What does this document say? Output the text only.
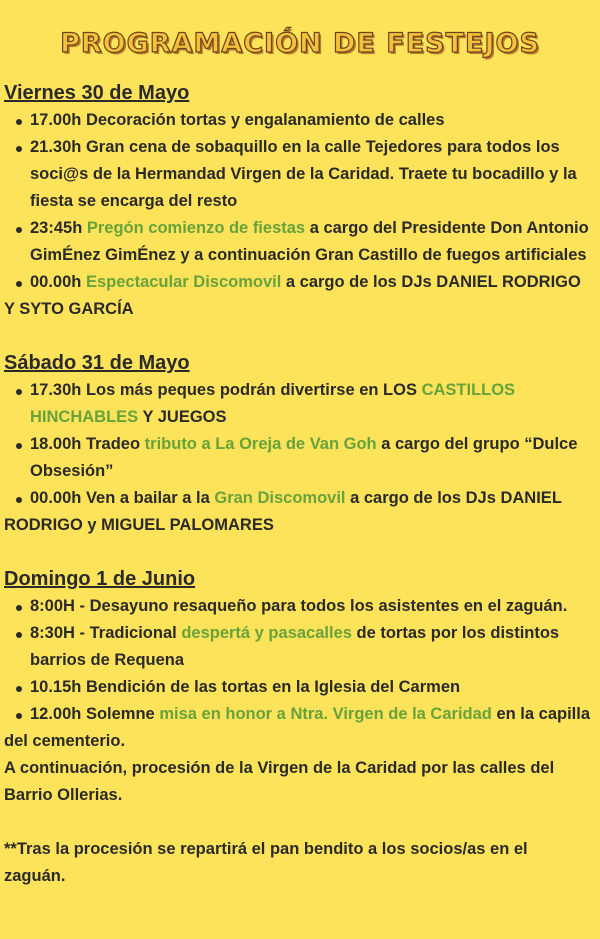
PROGRAMACIÓN DE FESTEJOS
Viernes 30 de Mayo
17.00h Decoración tortas y engalanamiento de calles
21.30h Gran cena de sobaquillo en la calle Tejedores para todos los soci@s de la Hermandad Virgen de la Caridad. Traete tu bocadillo y la fiesta se encarga del resto
23:45h Pregón comienzo de fiestas a cargo del Presidente Don Antonio GimÉnez GimÉnez y a continuación Gran Castillo de fuegos artificiales
00.00h Espectacular Discomovil a cargo de los DJs DANIEL RODRIGO Y SYTO GARCÍA
Sábado 31 de Mayo
17.30h Los más peques podrán divertirse en LOS CASTILLOS HINCHABLES Y JUEGOS
18.00h Tradeo tributo a La Oreja de Van Goh a cargo del grupo “Dulce Obsesión”
00.00h Ven a bailar a la Gran Discomovil a cargo de los DJs DANIEL RODRIGO y MIGUEL PALOMARES
Domingo 1 de Junio
8:00H - Desayuno resaqueño para todos los asistentes en el zaguán.
8:30H - Tradicional despertá y pasacalles de tortas por los distintos barrios de Requena
10.15h Bendición de las tortas en la Iglesia del Carmen
12.00h Solemne misa en honor a Ntra. Virgen de la Caridad en la capilla del cementerio.

A continuación, procesión de la Virgen de la Caridad por las calles del Barrio Ollerias.

**Tras la procesión se repartirá el pan bendito a los socios/as en el zaguán.
